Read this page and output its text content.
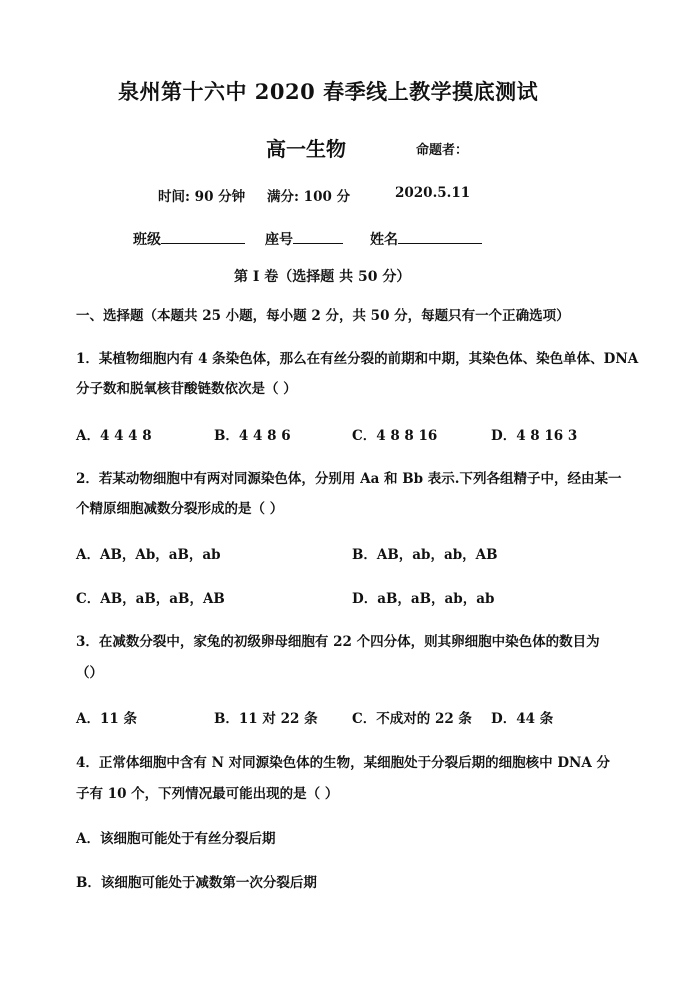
泉州第十六中 2020 春季线上教学摸底测试
高一生物	命题者：
时间: 90 分钟 满分: 100 分	2020.5.11
班级	座号	姓名
第 I 卷（选择题 共 50 分）
一、选择题（本题共 25 小题，每小题 2 分，共 50 分，每题只有一个正确选项）
1．某植物细胞内有 4 条染色体，那么在有丝分裂的前期和中期，其染色体、染色单体、DNA
分子数和脱氧核苷酸链数依次是（ ）
A．4 4 4 8	B．4 4 8 6	C．4 8 8 16	D．4 8 16 3
2．若某动物细胞中有两对同源染色体，分别用 Aa 和 Bb 表示.下列各组精子中，经由某一
个精原细胞减数分裂形成的是（ ）
A．AB，Ab，aB，ab	B．AB，ab，ab，AB
C．AB，aB，aB，AB	D．aB，aB，ab，ab
3．在减数分裂中，家兔的初级卵母细胞有 22 个四分体，则其卵细胞中染色体的数目为
（）
A．11 条	B．11 对 22 条	C．不成对的 22 条 D．44 条
4．正常体细胞中含有 N 对同源染色体的生物，某细胞处于分裂后期的细胞核中 DNA 分
子有 10 个，下列情况最可能出现的是（ ）
A．该细胞可能处于有丝分裂后期
B．该细胞可能处于减数第一次分裂后期
